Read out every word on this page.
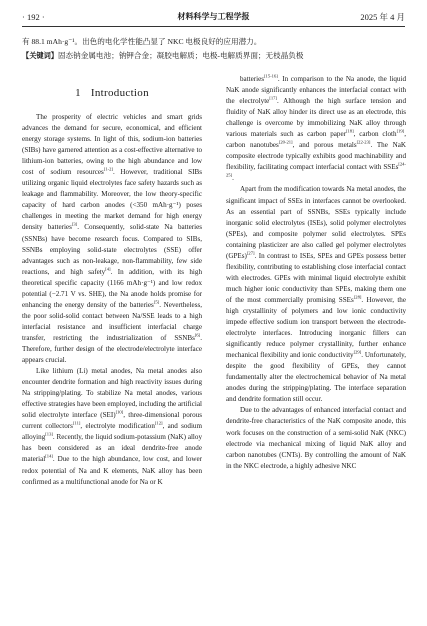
· 192 ·	材料科学与工程学报	2025 年 4 月
有 88.1 mAh·g⁻¹。出色的电化学性能凸显了 NKC 电极良好的应用潜力。
【关键词】固态钠金属电池；钠钾合金；凝胶电解质；电极-电解质界面；无枝晶负极
1 Introduction

The prosperity of electric vehicles and smart grids advances the demand for secure, economical, and efficient energy storage systems. In light of this, sodium-ion batteries (SIBs) have garnered attention as a cost-effective alternative to lithium-ion batteries, owing to the high abundance and low cost of sodium resources[1-2]. However, traditional SIBs utilizing organic liquid electrolytes face safety hazards such as leakage and flammability. Moreover, the low theory-specific capacity of hard carbon anodes (<350 mAh·g⁻¹) poses challenges in meeting the market demand for high energy density batteries[3]. Consequently, solid-state Na batteries (SSNBs) have become research focus. Compared to SIBs, SSNBs employing solid-state electrolytes (SSE) offer advantages such as non-leakage, non-flammability, few side reactions, and high safety[4]. In addition, with its high theoretical specific capacity (1166 mAh·g⁻¹) and low redox potential (−2.71 V vs. SHE), the Na anode holds promise for enhancing the energy density of the batteries[5]. Nevertheless, the poor solid-solid contact between Na/SSE leads to a high interfacial resistance and insufficient interfacial charge transfer, restricting the industrialization of SSNBs[6]. Therefore, further design of the electrode/electrolyte interface appears crucial.

Like lithium (Li) metal anodes, Na metal anodes also encounter dendrite formation and high reactivity issues during Na stripping/plating. To stabilize Na metal anodes, various effective strategies have been employed, including the artificial solid electrolyte interface (SEI)[10], three-dimensional porous current collectors[11], electrolyte modification[12], and sodium alloying[13]. Recently, the liquid sodium-potassium (NaK) alloy has been considered as an ideal dendrite-free anode material[14]. Due to the high abundance, low cost, and lower redox potential of Na and K elements, NaK alloy has been confirmed as a multifunctional anode for Na or K

batteries[15-16]. In comparison to the Na anode, the liquid NaK anode significantly enhances the interfacial contact with the electrolyte[17]. Although the high surface tension and fluidity of NaK alloy hinder its direct use as an electrode, this challenge is overcome by immobilizing NaK alloy through various materials such as carbon paper[18], carbon cloth[19], carbon nanotubes[20-21], and porous metals[22-23]. The NaK composite electrode typically exhibits good machinability and flexibility, facilitating compact interfacial contact with SSEs[24-25].

Apart from the modification towards Na metal anodes, the significant impact of SSEs in interfaces cannot be overlooked. As an essential part of SSNBs, SSEs typically include inorganic solid electrolytes (ISEs), solid polymer electrolytes (SPEs), and composite polymer solid electrolytes. SPEs containing plasticizer are also called gel polymer electrolytes (GPEs)[27]. In contrast to ISEs, SPEs and GPEs possess better flexibility, contributing to establishing close interfacial contact with electrodes. GPEs with minimal liquid electrolyte exhibit much higher ionic conductivity than SPEs, making them one of the most commercially promising SSEs[28]. However, the high crystallinity of polymers and low ionic conductivity impede effective sodium ion transport between the electrode-electrolyte interfaces. Introducing inorganic fillers can significantly reduce polymer crystallinity, further enhance mechanical flexibility and ionic conductivity[29]. Unfortunately, despite the good flexibility of GPEs, they cannot fundamentally alter the electrochemical behavior of Na metal anodes during the stripping/plating. The interface separation and dendrite formation still occur.

Due to the advantages of enhanced interfacial contact and dendrite-free characteristics of the NaK composite anode, this work focuses on the construction of a semi-solid NaK (NKC) electrode via mechanical mixing of liquid NaK alloy and carbon nanotubes (CNTs). By controlling the amount of NaK in the NKC electrode, a highly adhesive NKC
